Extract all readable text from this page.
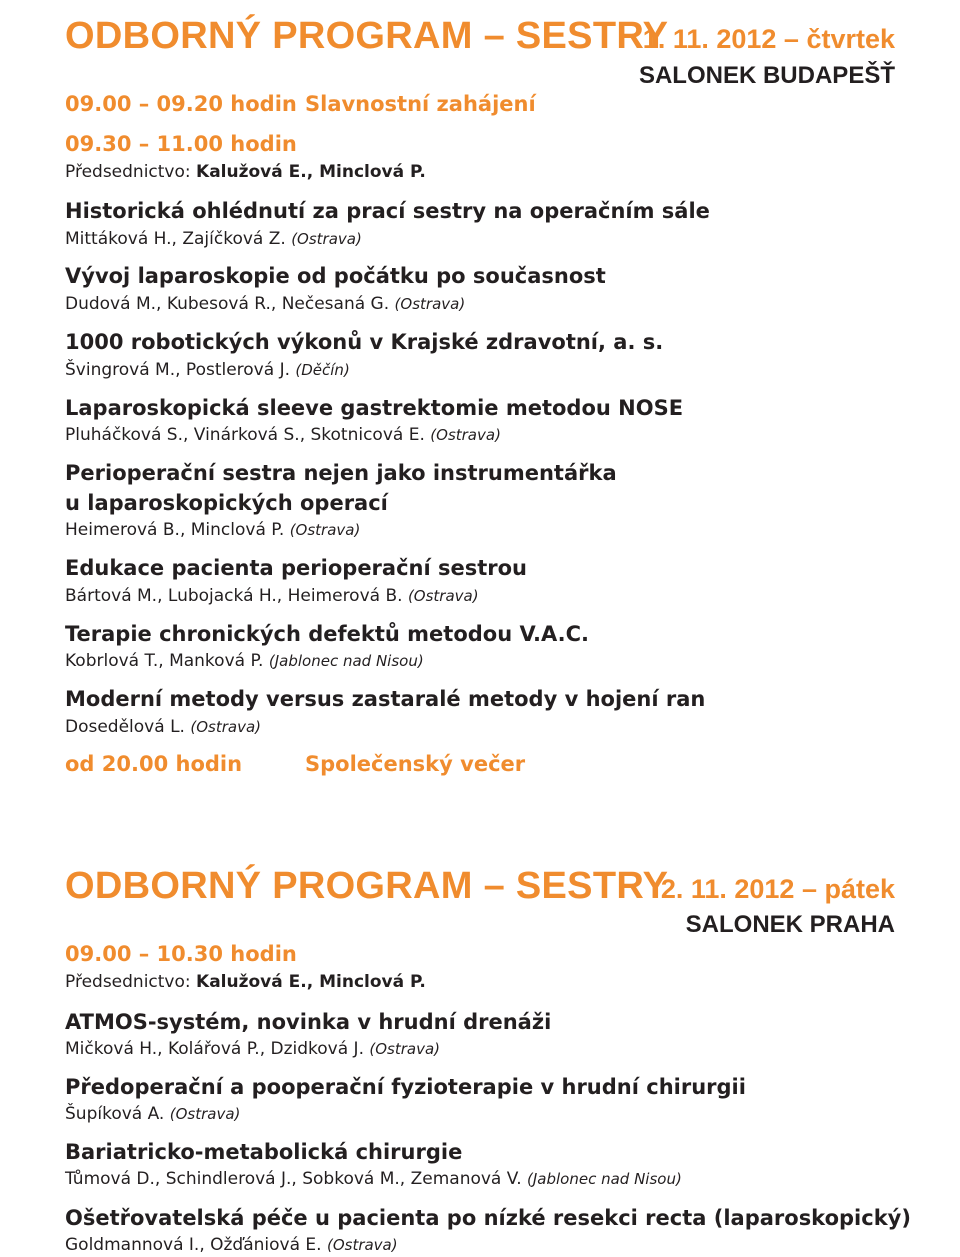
ODBORNÝ PROGRAM – SESTRY
1. 11. 2012 – čtvrtek
SALONEK BUDAPEŠŤ
09.00 – 09.20 hodin Slavnostní zahájení
09.30 – 11.00 hodin
Předsednictvo: Kalužová E., Minclová P.
Historická ohlédnutí za prací sestry na operačním sále
Mittáková H., Zajíčková Z. (Ostrava)
Vývoj laparoskopie od počátku po současnost
Dudová M., Kubesová R., Nečesaná G. (Ostrava)
1000 robotických výkonů v Krajské zdravotní, a. s.
Švingrová M., Postlerová J. (Děčín)
Laparoskopická sleeve gastrektomie metodou NOSE
Pluháčková S., Vinárková S., Skotnicová E. (Ostrava)
Perioperační sestra nejen jako instrumentářka
u laparoskopických operací
Heimerová B., Minclová P. (Ostrava)
Edukace pacienta perioperační sestrou
Bártová M., Lubojacká H., Heimerová B. (Ostrava)
Terapie chronických defektů metodou V.A.C.
Kobrlová T., Manková P. (Jablonec nad Nisou)
Moderní metody versus zastaralé metody v hojení ran
Dosedělová L. (Ostrava)
od 20.00 hodin	Společenský večer
ODBORNÝ PROGRAM – SESTRY
2. 11. 2012 – pátek
SALONEK PRAHA
09.00 – 10.30 hodin
Předsednictvo: Kalužová E., Minclová P.
ATMOS-systém, novinka v hrudní drenáži
Mičková H., Kolářová P., Dzidková J. (Ostrava)
Předoperační a pooperační fyzioterapie v hrudní chirurgii
Šupíková A. (Ostrava)
Bariatricko-metabolická chirurgie
Tůmová D., Schindlerová J., Sobková M., Zemanová V. (Jablonec nad Nisou)
Ošetřovatelská péče u pacienta po nízké resekci recta (laparoskopický)
Goldmannová I., Ožďániová E. (Ostrava)
